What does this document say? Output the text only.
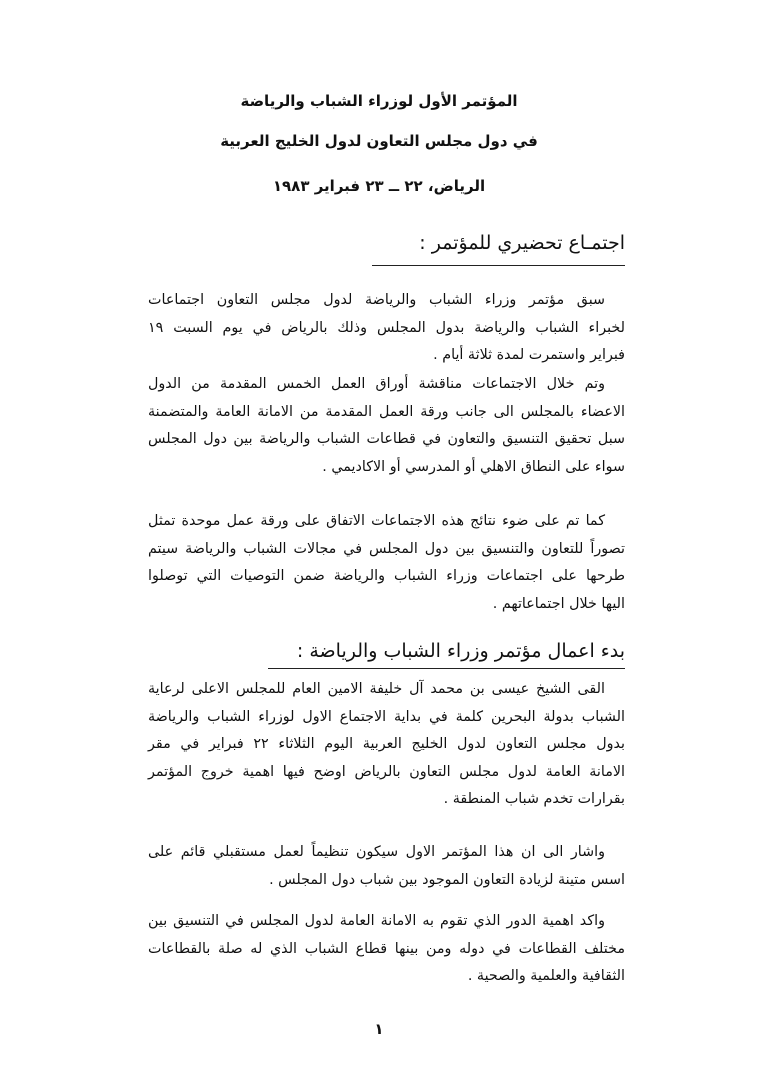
المؤتمر الأول لوزراء الشباب والرياضة
في دول مجلس التعاون لدول الخليج العربية
الرياض، ٢٢ ــ ٢٣ فبراير ١٩٨٣
اجتمـاع تحضيري للمؤتمر :
سبق مؤتمر وزراء الشباب والرياضة لدول مجلس التعاون اجتماعات
لخبراء الشباب والرياضة بدول المجلس وذلك بالرياض في يوم السبت ١٩
فبراير واستمرت لمدة ثلاثة أيام .
وتم خلال الاجتماعات مناقشة أوراق العمل الخمس المقدمة من الدول
الاعضاء بالمجلس الى جانب ورقة العمل المقدمة من الامانة العامة والمتضمنة
سبل تحقيق التنسيق والتعاون في قطاعات الشباب والرياضة بين دول المجلس
سواء على النطاق الاهلي أو المدرسي أو الاكاديمي .
كما تم على ضوء نتائج هذه الاجتماعات الاتفاق على ورقة عمل موحدة تمثل
تصوراً للتعاون والتنسيق بين دول المجلس في مجالات الشباب والرياضة سيتم
طرحها على اجتماعات وزراء الشباب والرياضة ضمن التوصيات التي توصلوا
اليها خلال اجتماعاتهم .
بدء اعمال مؤتمر وزراء الشباب والرياضة :
القى الشيخ عيسى بن محمد آل خليفة الامين العام للمجلس الاعلى لرعاية
الشباب بدولة البحرين كلمة في بداية الاجتماع الاول لوزراء الشباب والرياضة
بدول مجلس التعاون لدول الخليج العربية اليوم الثلاثاء ٢٢ فبراير في مقر
الامانة العامة لدول مجلس التعاون بالرياض اوضح فيها اهمية خروج المؤتمر
بقرارات تخدم شباب المنطقة .
واشار الى ان هذا المؤتمر الاول سيكون تنظيماً لعمل مستقبلي قائم على
اسس متينة لزيادة التعاون الموجود بين شباب دول المجلس .
واكد اهمية الدور الذي تقوم به الامانة العامة لدول المجلس في التنسيق بين
مختلف القطاعات في دوله ومن بينها قطاع الشباب الذي له صلة بالقطاعات
الثقافية والعلمية والصحية .
١
